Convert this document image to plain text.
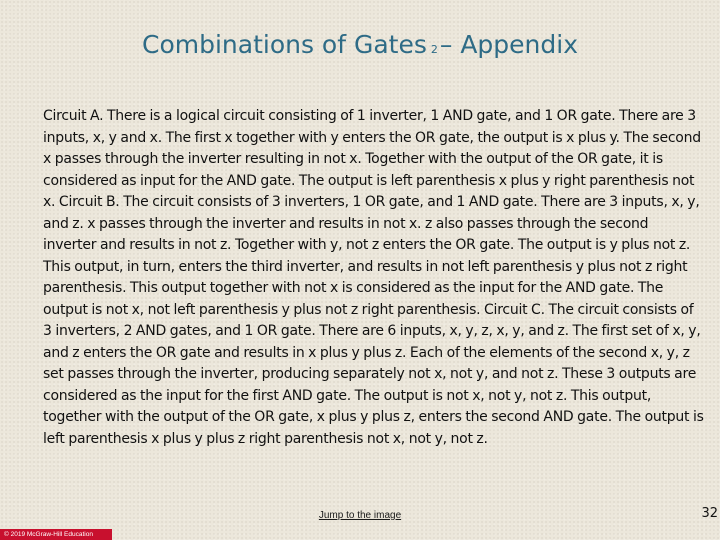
Combinations of Gates 2– Appendix

Circuit A. There is a logical circuit consisting of 1 inverter, 1 AND gate, and 1 OR gate. There are 3 inputs, x, y and x. The first x together with y enters the OR gate, the output is x plus y. The second x passes through the inverter resulting in not x. Together with the output of the OR gate, it is considered as input for the AND gate. The output is left parenthesis x plus y right parenthesis not x. Circuit B. The circuit consists of 3 inverters, 1 OR gate, and 1 AND gate. There are 3 inputs, x, y, and z. x passes through the inverter and results in not x. z also passes through the second inverter and results in not z. Together with y, not z enters the OR gate. The output is y plus not z. This output, in turn, enters the third inverter, and results in not left parenthesis y plus not z right parenthesis. This output together with not x is considered as the input for the AND gate. The output is not x, not left parenthesis y plus not z right parenthesis. Circuit C. The circuit consists of 3 inverters, 2 AND gates, and 1 OR gate. There are 6 inputs, x, y, z, x, y, and z. The first set of x, y, and z enters the OR gate and results in x plus y plus z. Each of the elements of the second x, y, z set passes through the inverter, producing separately not x, not y, and not z. These 3 outputs are considered as the input for the first AND gate. The output is not x, not y, not z. This output, together with the output of the OR gate, x plus y plus z, enters the second AND gate. The output is left parenthesis x plus y plus z right parenthesis not x, not y, not z.

Jump to the image	32
© 2019 McGraw-Hill Education
